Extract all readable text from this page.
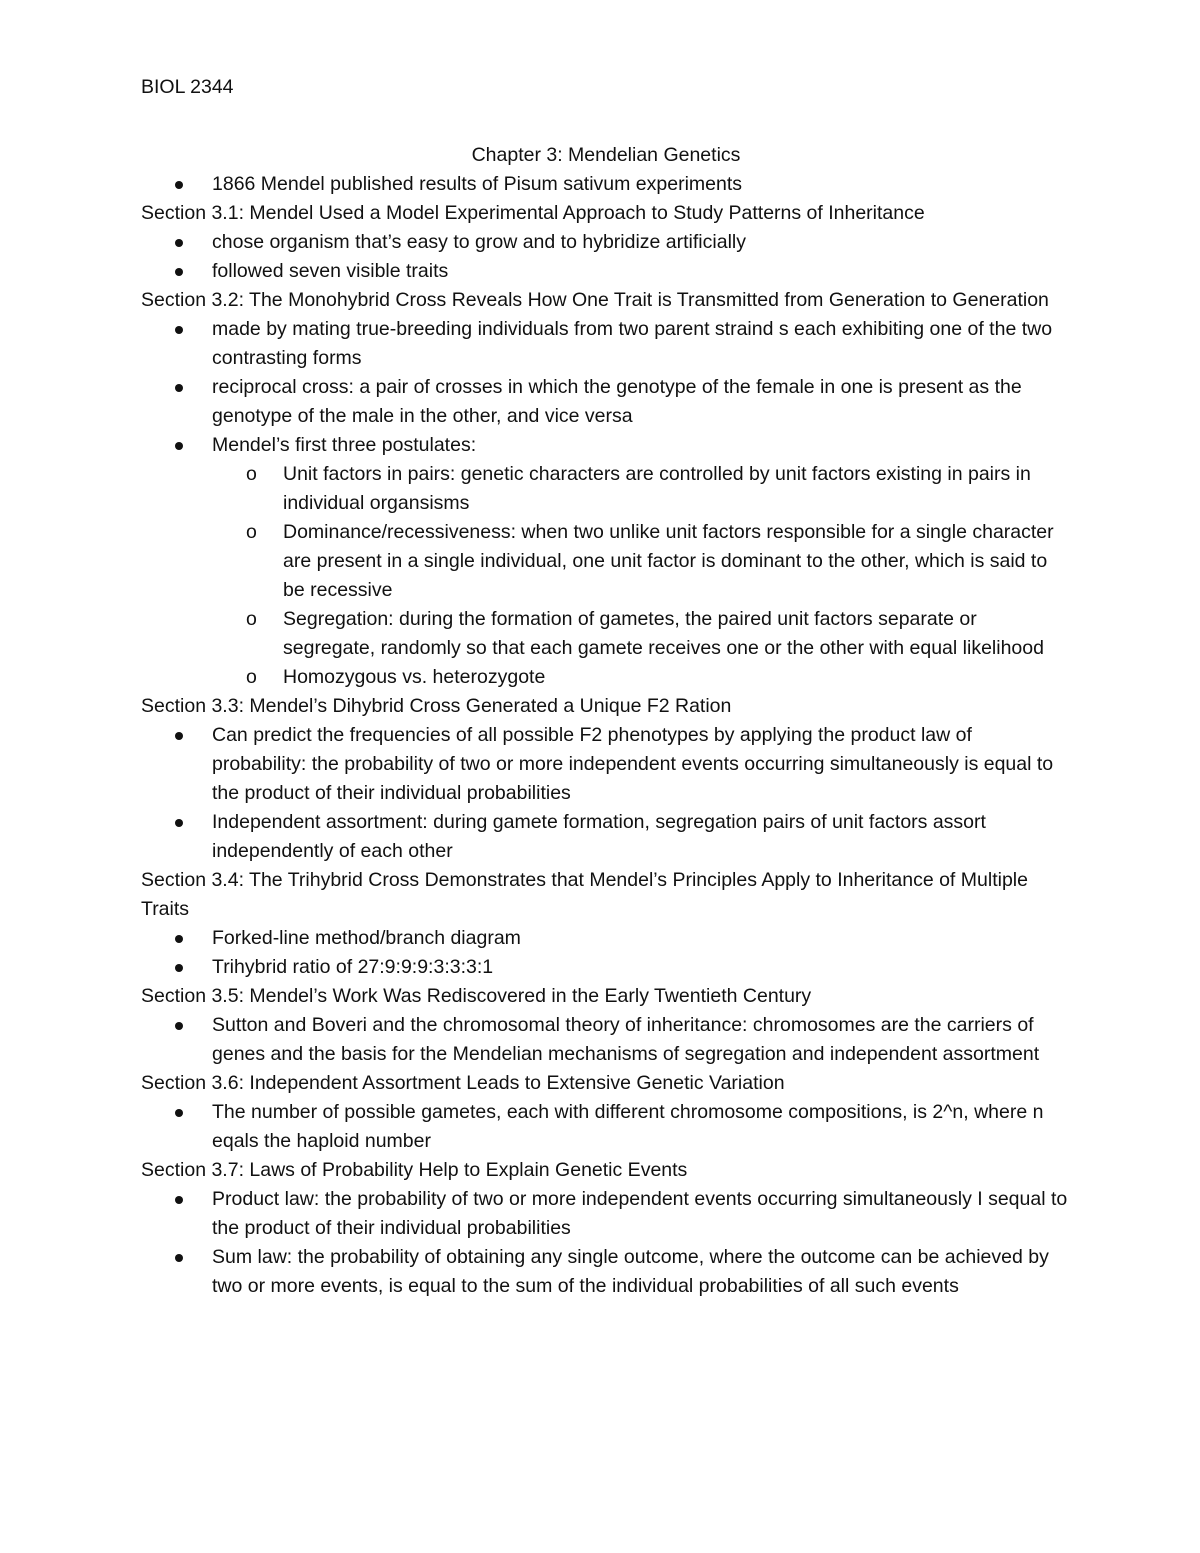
BIOL 2344

Chapter 3: Mendelian Genetics
1866 Mendel published results of Pisum sativum experiments
Section 3.1: Mendel Used a Model Experimental Approach to Study Patterns of Inheritance
chose organism that’s easy to grow and to hybridize artificially
followed seven visible traits
Section 3.2: The Monohybrid Cross Reveals How One Trait is Transmitted from Generation to Generation
made by mating true-breeding individuals from two parent straind s each exhibiting one of the two contrasting forms
reciprocal cross: a pair of crosses in which the genotype of the female in one is present as the genotype of the male in the other, and vice versa
Mendel’s first three postulates:
o Unit factors in pairs: genetic characters are controlled by unit factors existing in pairs in individual organsisms
o Dominance/recessiveness: when two unlike unit factors responsible for a single character are present in a single individual, one unit factor is dominant to the other, which is said to be recessive
o Segregation: during the formation of gametes, the paired unit factors separate or segregate, randomly so that each gamete receives one or the other with equal likelihood
o Homozygous vs. heterozygote
Section 3.3: Mendel’s Dihybrid Cross Generated a Unique F2 Ration
Can predict the frequencies of all possible F2 phenotypes by applying the product law of probability: the probability of two or more independent events occurring simultaneously is equal to the product of their individual probabilities
Independent assortment: during gamete formation, segregation pairs of unit factors assort independently of each other
Section 3.4: The Trihybrid Cross Demonstrates that Mendel’s Principles Apply to Inheritance of Multiple Traits
Forked-line method/branch diagram
Trihybrid ratio of 27:9:9:9:3:3:3:1
Section 3.5: Mendel’s Work Was Rediscovered in the Early Twentieth Century
Sutton and Boveri and the chromosomal theory of inheritance: chromosomes are the carriers of genes and the basis for the Mendelian mechanisms of segregation and independent assortment
Section 3.6: Independent Assortment Leads to Extensive Genetic Variation
The number of possible gametes, each with different chromosome compositions, is 2^n, where n eqals the haploid number
Section 3.7: Laws of Probability Help to Explain Genetic Events
Product law: the probability of two or more independent events occurring simultaneously I sequal to the product of their individual probabilities
Sum law: the probability of obtaining any single outcome, where the outcome can be achieved by two or more events, is equal to the sum of the individual probabilities of all such events
